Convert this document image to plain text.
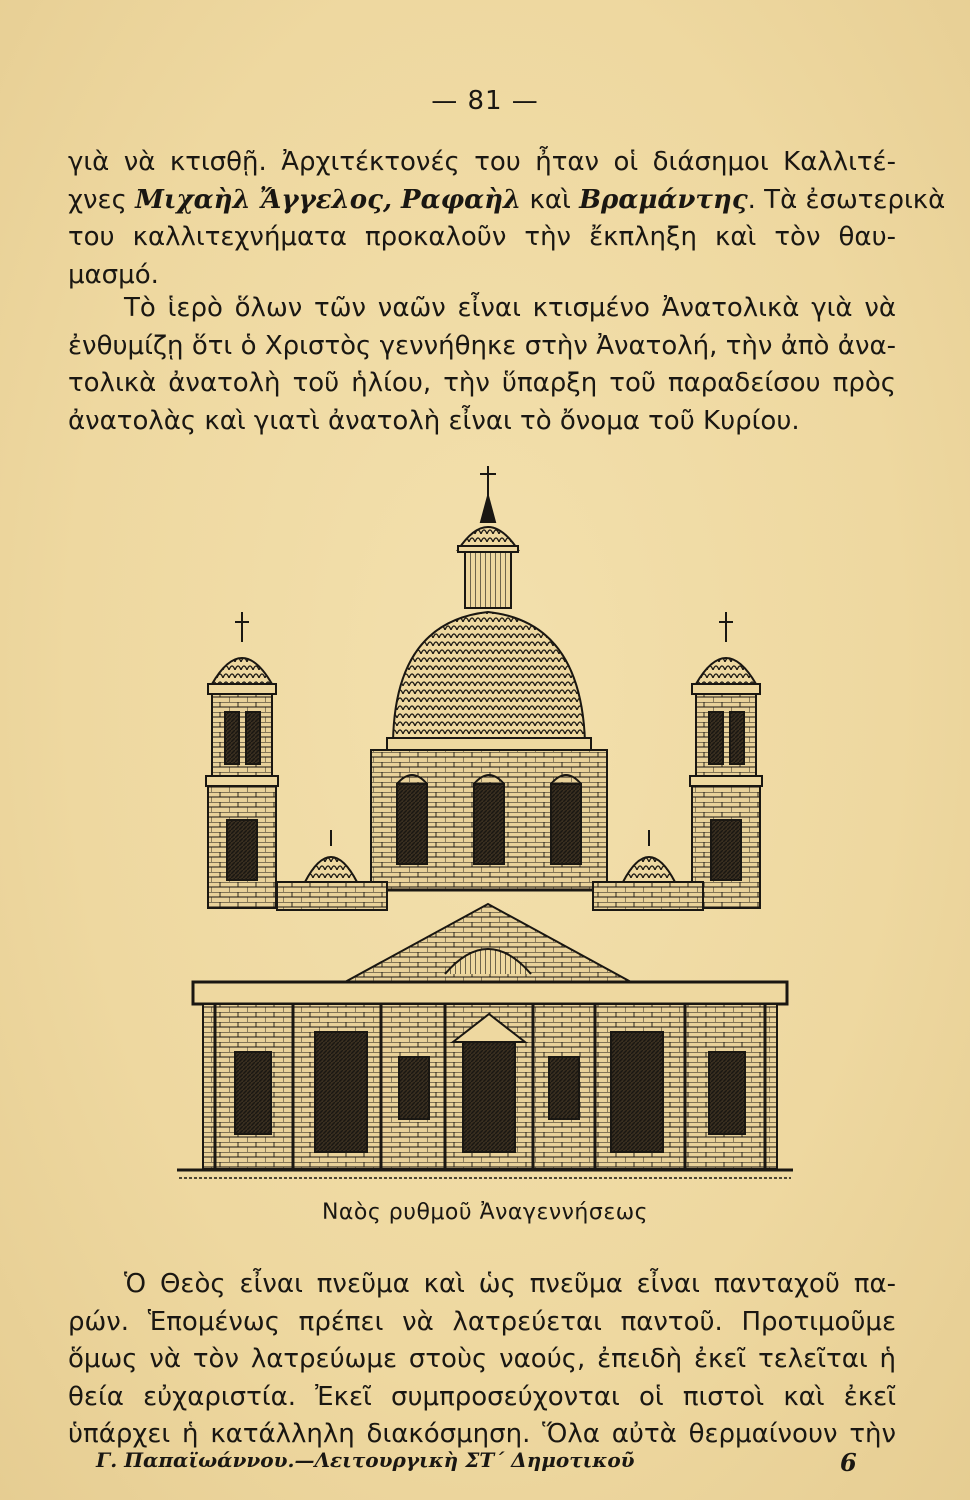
— 81 —
γιὰ νὰ κτισθῇ. Ἀρχιτέκτονές του ἦταν οἱ διάσημοι Καλλιτέ-
χνες Μιχαὴλ Ἄγγελος, Ραφαὴλ καὶ Βραμάντης. Τὰ ἐσωτερικὰ
του καλλιτεχνήματα προκαλοῦν τὴν ἔκπληξη καὶ τὸν θαυ-
μασμό.
Τὸ ἱερὸ ὅλων τῶν ναῶν εἶναι κτισμένο Ἀνατολικὰ γιὰ νὰ
ἐνθυμίζῃ ὅτι ὁ Χριστὸς γεννήθηκε στὴν Ἀνατολή, τὴν ἀπὸ ἀνα-
τολικὰ ἀνατολὴ τοῦ ἡλίου, τὴν ὕπαρξη τοῦ παραδείσου πρὸς
ἀνατολὰς καὶ γιατὶ ἀνατολὴ εἶναι τὸ ὄνομα τοῦ Κυρίου.
Ναὸς ρυθμοῦ Ἀναγεννήσεως
Ὁ Θεὸς εἶναι πνεῦμα καὶ ὡς πνεῦμα εἶναι πανταχοῦ πα-
ρών. Ἑπομένως πρέπει νὰ λατρεύεται παντοῦ. Προτιμοῦμε
ὅμως νὰ τὸν λατρεύωμε στοὺς ναούς, ἐπειδὴ ἐκεῖ τελεῖται ἡ
θεία εὐχαριστία. Ἐκεῖ συμπροσεύχονται οἱ πιστοὶ καὶ ἐκεῖ
ὑπάρχει ἡ κατάλληλη διακόσμηση. Ὅλα αὐτὰ θερμαίνουν τὴν
Γ. Παπαϊωάννου.—Λειτουργικὴ ΣΤ΄ Δημοτικοῦ	6
